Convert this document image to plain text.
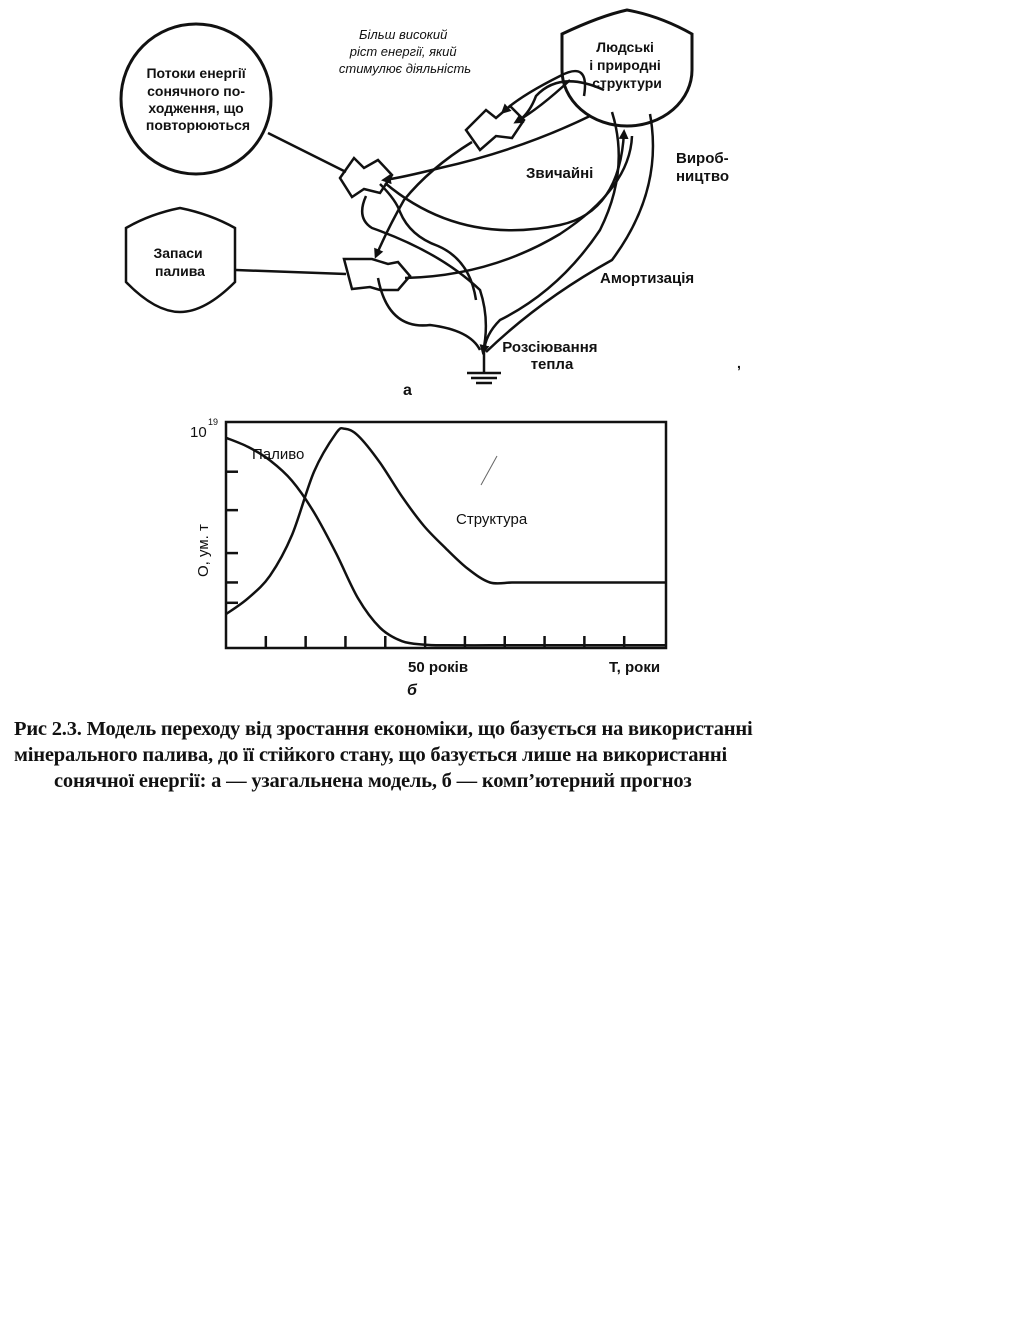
Потоки енергії сонячного по- ходження, що повторюються
Запаси палива
Людські і природні структури
Більш високий ріст енергії, який стимулює діяльність
Звичайні
Вироб- ництво
Амортизація
Розсіювання тепла
а
,
Паливо
Структура
10
19
О, ум. т
50 років	Т, роки
б
Рис 2.3. Модель переходу від зростання економіки, що базується на використанні
мінерального палива, до її стійкого стану, що базується лише на використанні
сонячної енергії: а — узагальнена модель, б — комп’ютерний прогноз
